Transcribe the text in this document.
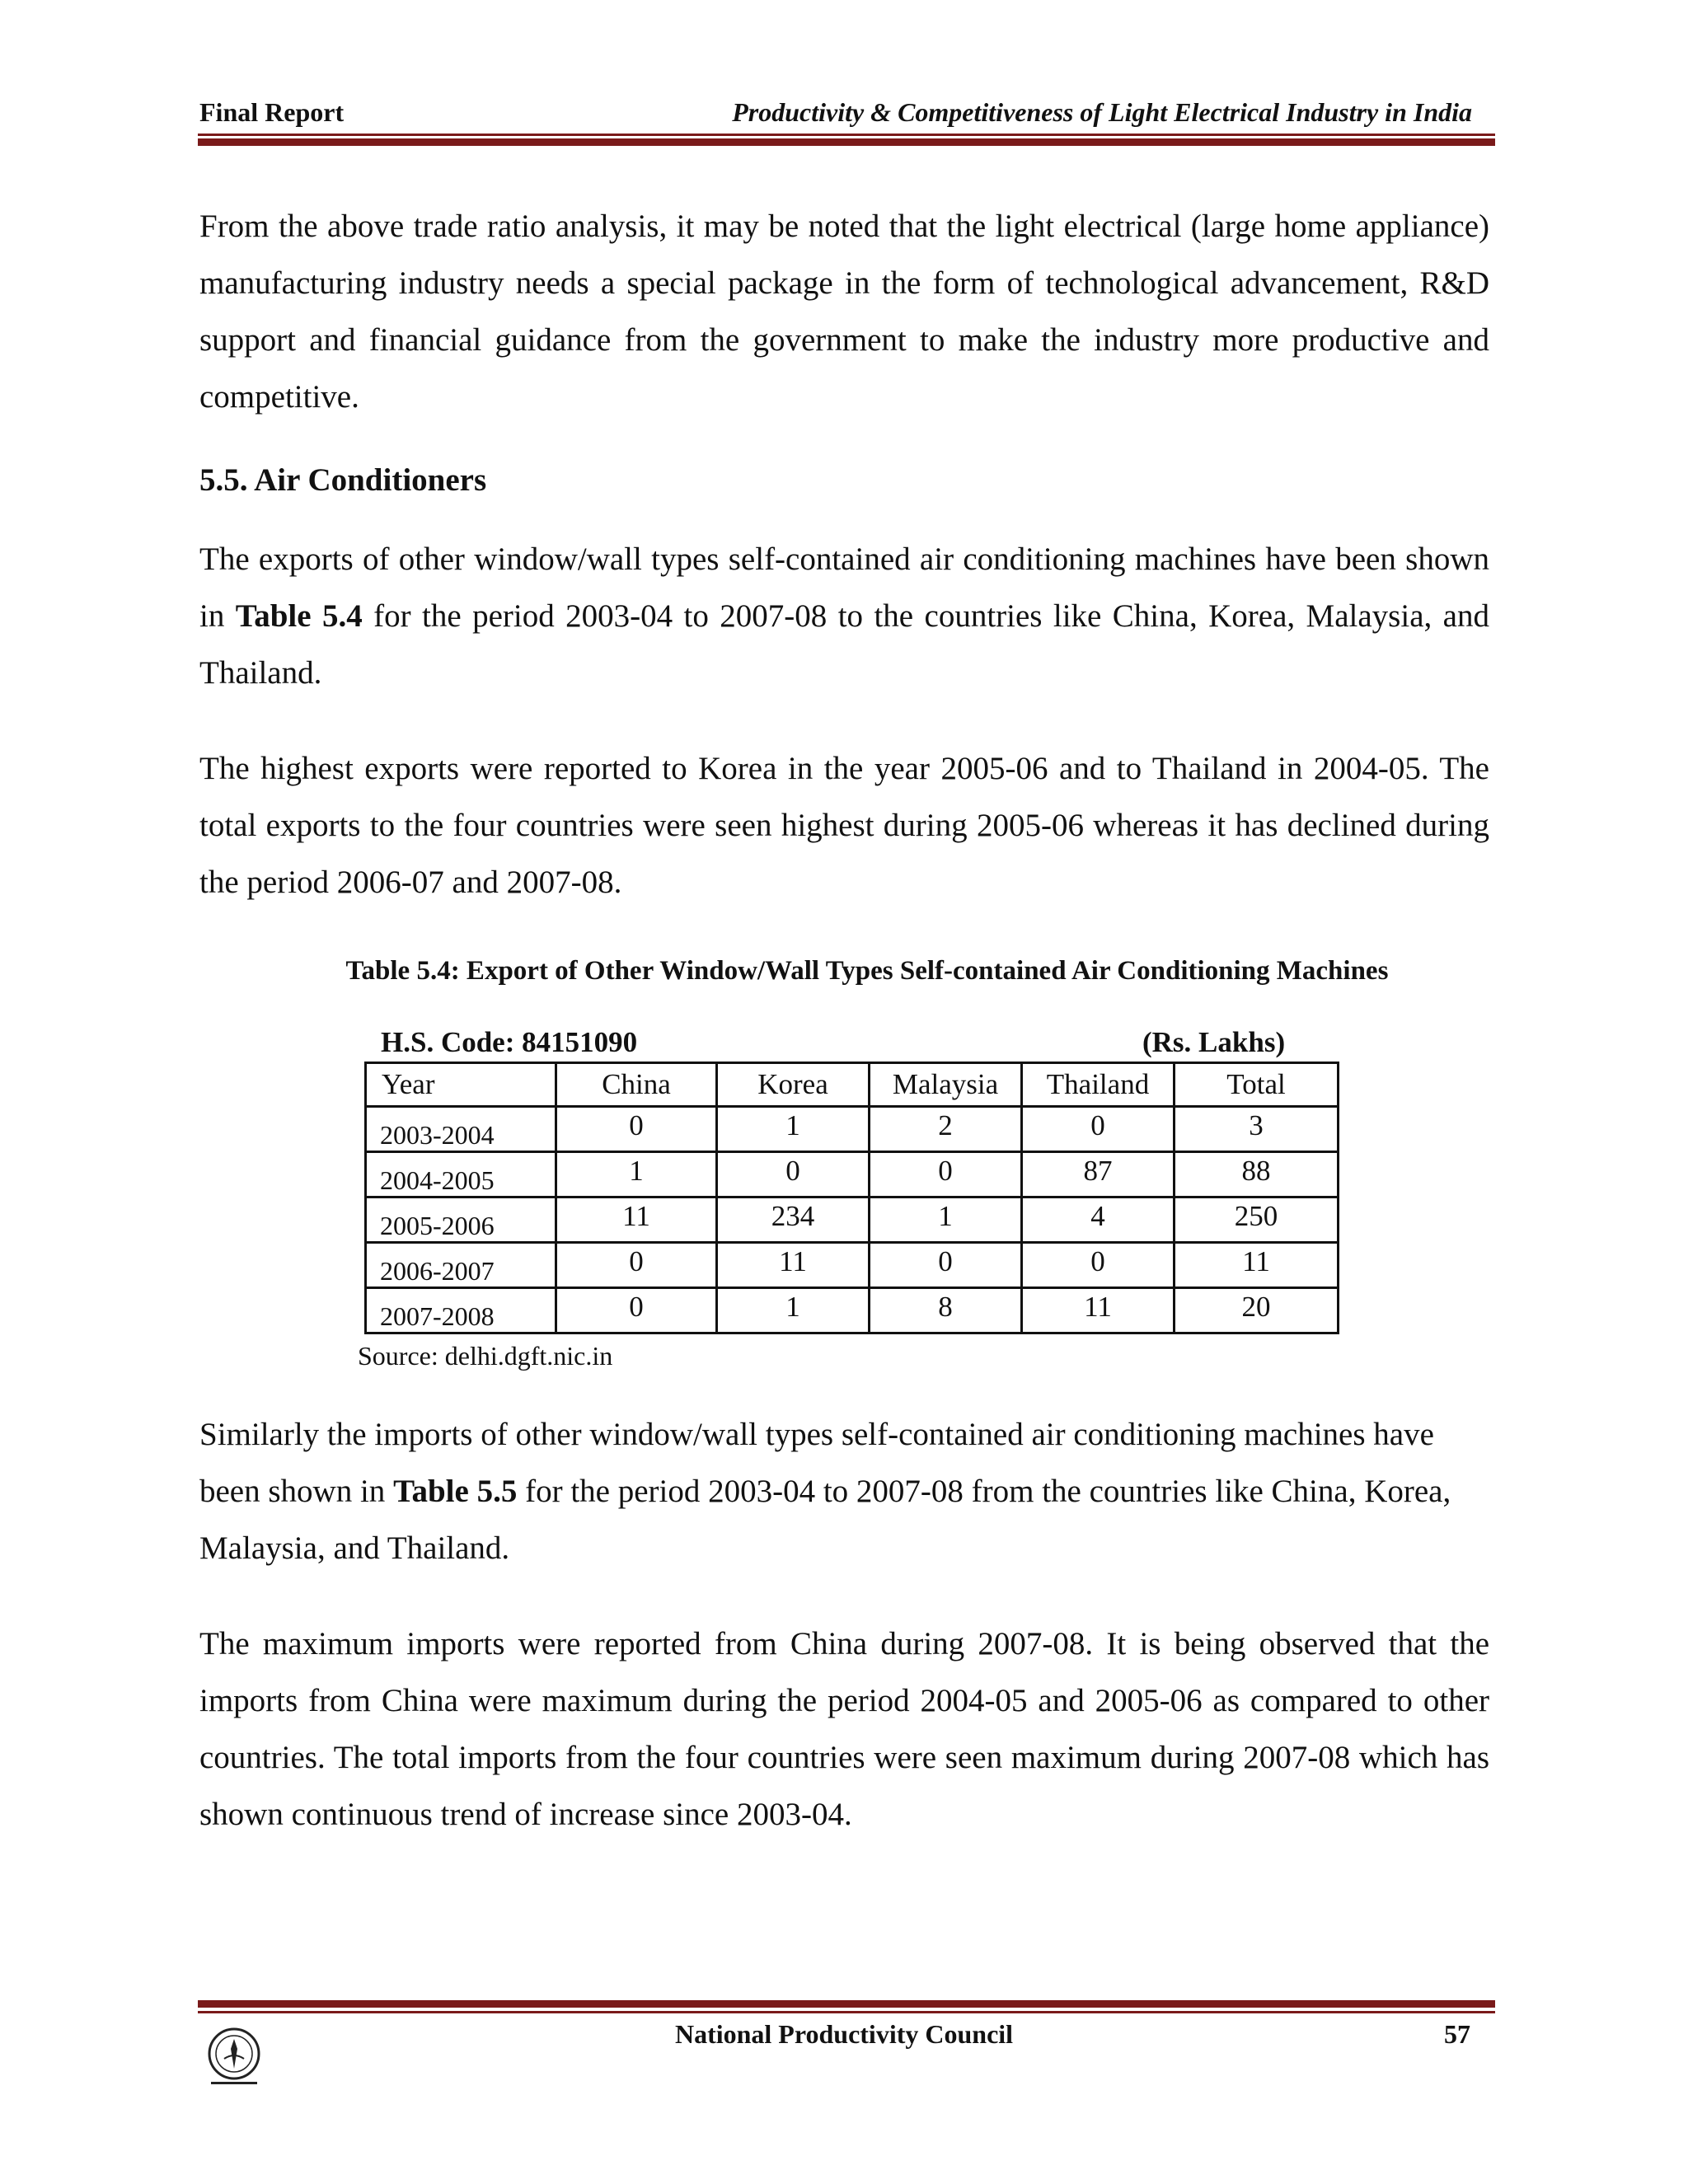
Final Report	Productivity & Competitiveness of Light Electrical Industry in India

From the above trade ratio analysis, it may be noted that the light electrical (large home appliance) manufacturing industry needs a special package in the form of technological advancement, R&D support and financial guidance from the government to make the industry more productive and competitive.

5.5. Air Conditioners

The exports of other window/wall types self-contained air conditioning machines have been shown in Table 5.4 for the period 2003-04 to 2007-08 to the countries like China, Korea, Malaysia, and Thailand.

The highest exports were reported to Korea in the year 2005-06 and to Thailand in 2004-05. The total exports to the four countries were seen highest during 2005-06 whereas it has declined during the period 2006-07 and 2007-08.

Table 5.4: Export of Other Window/Wall Types Self-contained Air Conditioning Machines
H.S. Code: 84151090	(Rs. Lakhs)
Year	China	Korea	Malaysia	Thailand	Total
2003-2004	0	1	2	0	3
2004-2005	1	0	0	87	88
2005-2006	11	234	1	4	250
2006-2007	0	11	0	0	11
2007-2008	0	1	8	11	20
Source: delhi.dgft.nic.in

Similarly the imports of other window/wall types self-contained air conditioning machines have been shown in Table 5.5 for the period 2003-04 to 2007-08 from the countries like China, Korea, Malaysia, and Thailand.

The maximum imports were reported from China during 2007-08. It is being observed that the imports from China were maximum during the period 2004-05 and 2005-06 as compared to other countries. The total imports from the four countries were seen maximum during 2007-08 which has shown continuous trend of increase since 2003-04.

National Productivity Council	57
